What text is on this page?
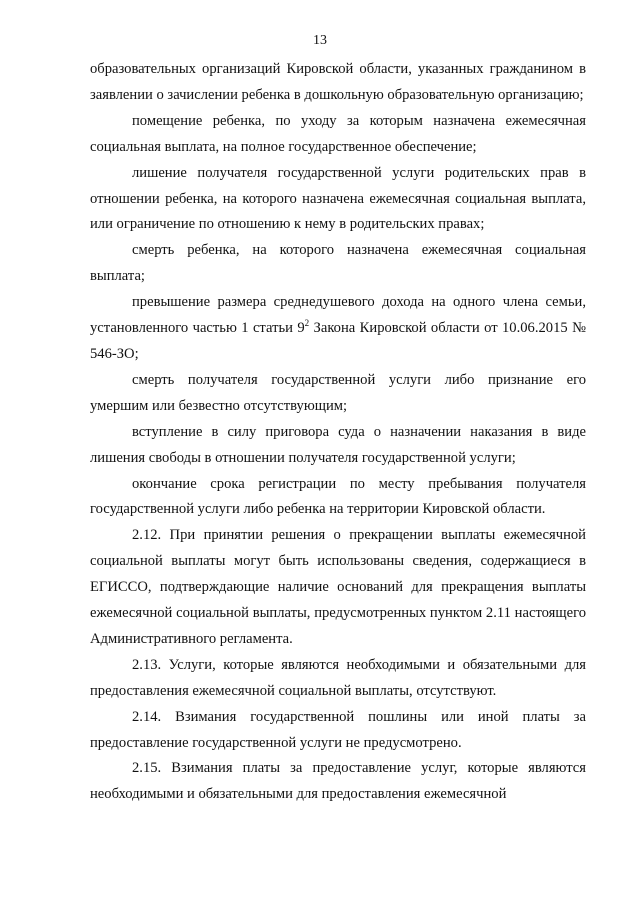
13

образовательных организаций Кировской области, указанных гражданином в заявлении о зачислении ребенка в дошкольную образовательную организацию;

помещение ребенка, по уходу за которым назначена ежемесячная социальная выплата, на полное государственное обеспечение;

лишение получателя государственной услуги родительских прав в отношении ребенка, на которого назначена ежемесячная социальная выплата, или ограничение по отношению к нему в родительских правах;

смерть ребенка, на которого назначена ежемесячная социальная выплата;

превышение размера среднедушевого дохода на одного члена семьи, установленного частью 1 статьи $9^2$ Закона Кировской области от 10.06.2015 № 546-ЗО;

смерть получателя государственной услуги либо признание его умершим или безвестно отсутствующим;

вступление в силу приговора суда о назначении наказания в виде лишения свободы в отношении получателя государственной услуги;

окончание срока регистрации по месту пребывания получателя государственной услуги либо ребенка на территории Кировской области.

2.12. При принятии решения о прекращении выплаты ежемесячной социальной выплаты могут быть использованы сведения, содержащиеся в ЕГИССО, подтверждающие наличие оснований для прекращения выплаты ежемесячной социальной выплаты, предусмотренных пунктом 2.11 настоящего Административного регламента.

2.13. Услуги, которые являются необходимыми и обязательными для предоставления ежемесячной социальной выплаты, отсутствуют.

2.14. Взимания государственной пошлины или иной платы за предоставление государственной услуги не предусмотрено.

2.15. Взимания платы за предоставление услуг, которые являются необходимыми и обязательными для предоставления ежемесячной
